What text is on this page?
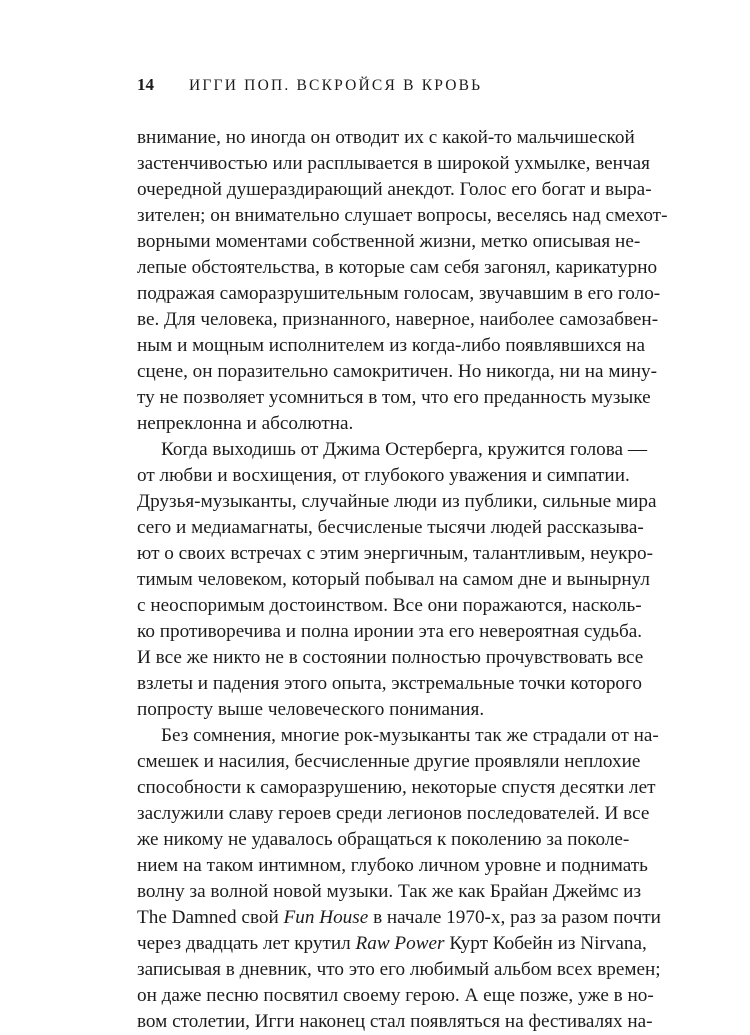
14 ИГГИ ПОП. ВСКРОЙСЯ В КРОВЬ
внимание, но иногда он отводит их с какой-то мальчишеской
застенчивостью или расплывается в широкой ухмылке, венчая
очередной душераздирающий анекдот. Голос его богат и выра-
зителен; он внимательно слушает вопросы, веселясь над смехот-
ворными моментами собственной жизни, метко описывая не-
лепые обстоятельства, в которые сам себя загонял, карикатурно
подражая саморазрушительным голосам, звучавшим в его голо-
ве. Для человека, признанного, наверное, наиболее самозабвен-
ным и мощным исполнителем из когда-либо появлявшихся на
сцене, он поразительно самокритичен. Но никогда, ни на мину-
ту не позволяет усомниться в том, что его преданность музыке
непреклонна и абсолютна.
Когда выходишь от Джима Остерберга, кружится голова —
от любви и восхищения, от глубокого уважения и симпатии.
Друзья-музыканты, случайные люди из публики, сильные мира
сего и медиамагнаты, бесчисленые тысячи людей рассказыва-
ют о своих встречах с этим энергичным, талантливым, неукро-
тимым человеком, который побывал на самом дне и вынырнул
с неоспоримым достоинством. Все они поражаются, насколь-
ко противоречива и полна иронии эта его невероятная судьба.
И все же никто не в состоянии полностью прочувствовать все
взлеты и падения этого опыта, экстремальные точки которого
попросту выше человеческого понимания.
Без сомнения, многие рок-музыканты так же страдали от на-
смешек и насилия, бесчисленные другие проявляли неплохие
способности к саморазрушению, некоторые спустя десятки лет
заслужили славу героев среди легионов последователей. И все
же никому не удавалось обращаться к поколению за поколе-
нием на таком интимном, глубоко личном уровне и поднимать
волну за волной новой музыки. Так же как Брайан Джеймс из
The Damned свой Fun House в начале 1970-х, раз за разом почти
через двадцать лет крутил Raw Power Курт Кобейн из Nirvana,
записывая в дневник, что это его любимый альбом всех времен;
он даже песню посвятил своему герою. А еще позже, уже в но-
вом столетии, Игги наконец стал появляться на фестивалях на-
